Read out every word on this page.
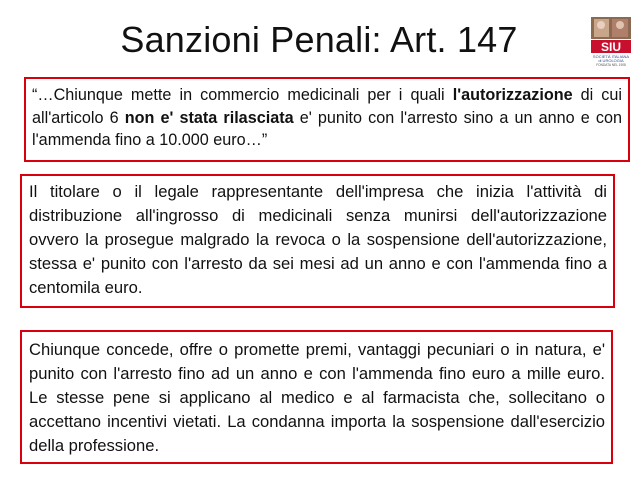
Sanzioni Penali: Art. 147	SIU
SOCIETÀ ITALIANA
di UROLOGIA
FONDATA NEL 1908

“…Chiunque mette in commercio medicinali per i quali l'autorizzazione di cui all'articolo 6 non e' stata rilasciata e' punito con l'arresto sino a un anno e con l'ammenda fino a 10.000 euro…”

Il titolare o il legale rappresentante dell'impresa che inizia l'attività di distribuzione all'ingrosso di medicinali senza munirsi dell'autorizzazione ovvero la prosegue malgrado la revoca o la sospensione dell'autorizzazione, stessa e' punito con l'arresto da sei mesi ad un anno e con l'ammenda fino a centomila euro.

Chiunque concede, offre o promette premi, vantaggi pecuniari o in natura, e' punito con l'arresto fino ad un anno e con l'ammenda fino euro a mille euro. Le stesse pene si applicano al medico e al farmacista che, sollecitano o accettano incentivi vietati. La condanna importa la sospensione dall'esercizio della professione.
